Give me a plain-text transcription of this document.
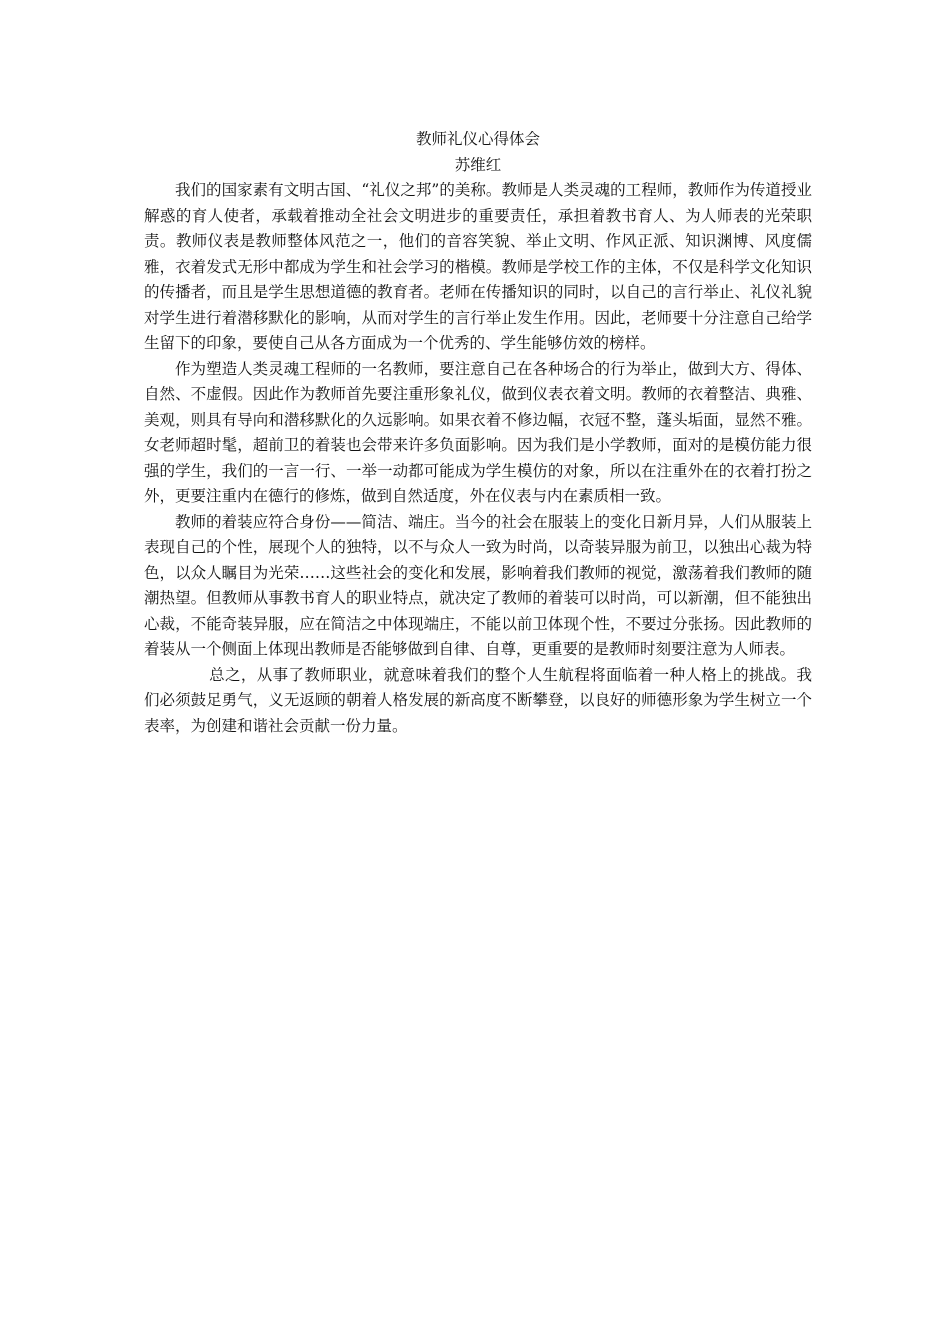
教师礼仪心得体会
苏维红

我们的国家素有文明古国、“礼仪之邦”的美称。教师是人类灵魂的工程师，教师作为传道授业解惑的育人使者，承载着推动全社会文明进步的重要责任，承担着教书育人、为人师表的光荣职责。教师仪表是教师整体风范之一，他们的音容笑貌、举止文明、作风正派、知识渊博、风度儒雅，衣着发式无形中都成为学生和社会学习的楷模。教师是学校工作的主体，不仅是科学文化知识的传播者，而且是学生思想道德的教育者。老师在传播知识的同时，以自己的言行举止、礼仪礼貌对学生进行着潜移默化的影响，从而对学生的言行举止发生作用。因此，老师要十分注意自己给学生留下的印象，要使自己从各方面成为一个优秀的、学生能够仿效的榜样。

作为塑造人类灵魂工程师的一名教师，要注意自己在各种场合的行为举止，做到大方、得体、自然、不虚假。因此作为教师首先要注重形象礼仪，做到仪表衣着文明。教师的衣着整洁、典雅、美观，则具有导向和潜移默化的久远影响。如果衣着不修边幅，衣冠不整，蓬头垢面，显然不雅。女老师超时髦，超前卫的着装也会带来许多负面影响。因为我们是小学教师，面对的是模仿能力很强的学生，我们的一言一行、一举一动都可能成为学生模仿的对象，所以在注重外在的衣着打扮之外，更要注重内在德行的修炼，做到自然适度，外在仪表与内在素质相一致。

教师的着装应符合身份——简洁、端庄。当今的社会在服装上的变化日新月异，人们从服装上表现自己的个性，展现个人的独特，以不与众人一致为时尚，以奇装异服为前卫，以独出心裁为特色，以众人瞩目为光荣……这些社会的变化和发展，影响着我们教师的视觉，激荡着我们教师的随潮热望。但教师从事教书育人的职业特点，就决定了教师的着装可以时尚，可以新潮，但不能独出心裁，不能奇装异服，应在简洁之中体现端庄，不能以前卫体现个性，不要过分张扬。因此教师的着装从一个侧面上体现出教师是否能够做到自律、自尊，更重要的是教师时刻要注意为人师表。

总之，从事了教师职业，就意味着我们的整个人生航程将面临着一种人格上的挑战。我们必须鼓足勇气，义无返顾的朝着人格发展的新高度不断攀登，以良好的师德形象为学生树立一个表率，为创建和谐社会贡献一份力量。
